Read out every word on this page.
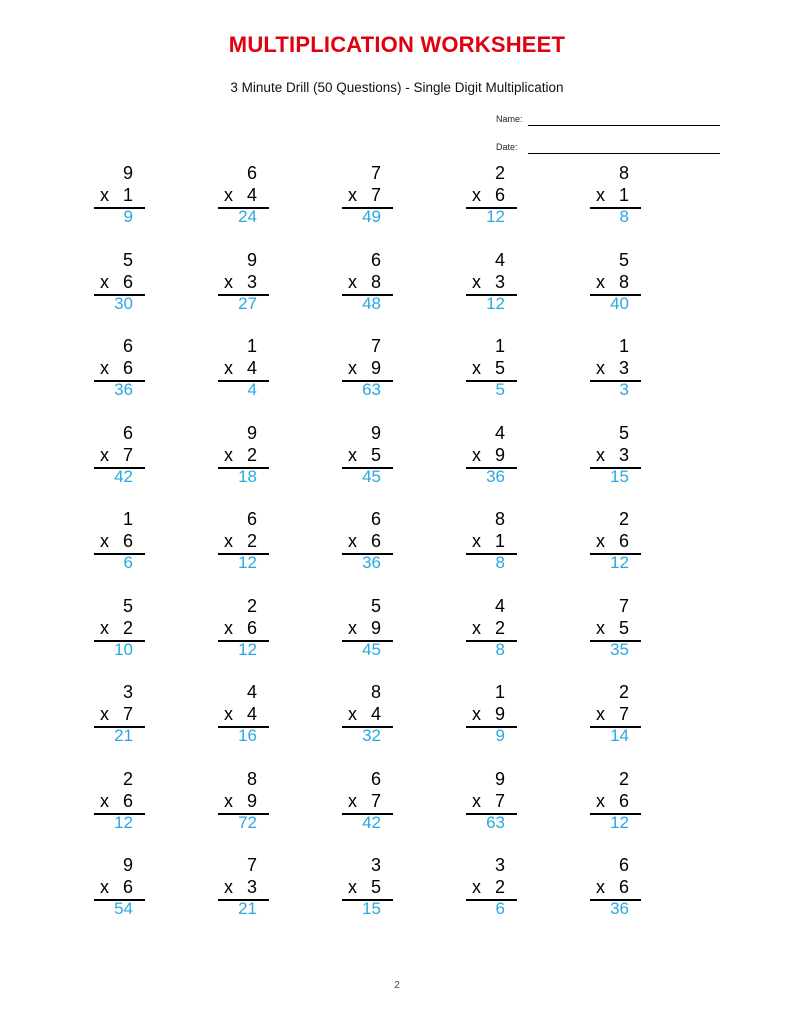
MULTIPLICATION WORKSHEET
3 Minute Drill (50 Questions) - Single Digit Multiplication
Name:
Date:
9
x 1
9
6
x 4
24
7
x 7
49
2
x 6
12
8
x 1
8
5
x 6
30
9
x 3
27
6
x 8
48
4
x 3
12
5
x 8
40
6
x 6
36
1
x 4
4
7
x 9
63
1
x 5
5
1
x 3
3
6
x 7
42
9
x 2
18
9
x 5
45
4
x 9
36
5
x 3
15
1
x 6
6
6
x 2
12
6
x 6
36
8
x 1
8
2
x 6
12
5
x 2
10
2
x 6
12
5
x 9
45
4
x 2
8
7
x 5
35
3
x 7
21
4
x 4
16
8
x 4
32
1
x 9
9
2
x 7
14
2
x 6
12
8
x 9
72
6
x 7
42
9
x 7
63
2
x 6
12
9
x 6
54
7
x 3
21
3
x 5
15
3
x 2
6
6
x 6
36
2
